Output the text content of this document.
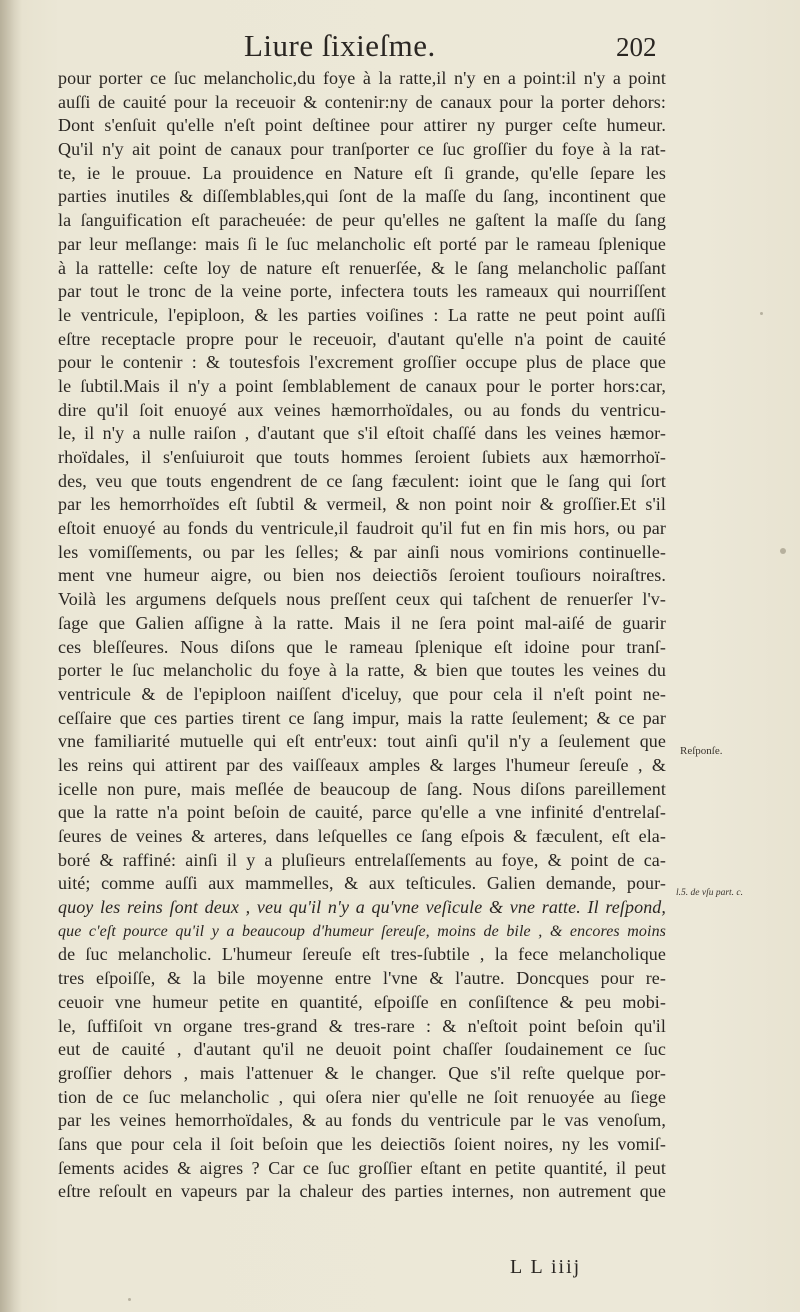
Liure ſixieſme.	202
pour porter ce ſuc melancholic,du foye à la ratte,il n'y en a point:il n'y a point
auſſi de cauité pour la receuoir & contenir:ny de canaux pour la porter dehors:
Dont s'enſuit qu'elle n'eſt point deſtinee pour attirer ny purger ceſte humeur.
Qu'il n'y ait point de canaux pour tranſporter ce ſuc groſſier du foye à la rat-
te, ie le prouue. La prouidence en Nature eſt ſi grande, qu'elle ſepare les
parties inutiles & diſſemblables,qui ſont de la maſſe du ſang, incontinent que
la ſanguification eſt paracheuée: de peur qu'elles ne gaſtent la maſſe du ſang
par leur meſlange: mais ſi le ſuc melancholic eſt porté par le rameau ſplenique
à la rattelle: ceſte loy de nature eſt renuerſée, & le ſang melancholic paſſant
par tout le tronc de la veine porte, infectera touts les rameaux qui nourriſſent
le ventricule, l'epiploon, & les parties voiſines : La ratte ne peut point auſſi
eſtre receptacle propre pour le receuoir, d'autant qu'elle n'a point de cauité
pour le contenir : & toutesfois l'excrement groſſier occupe plus de place que
le ſubtil.Mais il n'y a point ſemblablement de canaux pour le porter hors:car,
dire qu'il ſoit enuoyé aux veines hæmorrhoïdales, ou au fonds du ventricu-
le, il n'y a nulle raiſon , d'autant que s'il eſtoit chaſſé dans les veines hæmor-
rhoïdales, il s'enſuiuroit que touts hommes ſeroient ſubiets aux hæmorrhoï-
des, veu que touts engendrent de ce ſang fæculent: ioint que le ſang qui ſort
par les hemorrhoïdes eſt ſubtil & vermeil, & non point noir & groſſier.Et s'il
eſtoit enuoyé au fonds du ventricule,il faudroit qu'il fut en fin mis hors, ou par
les vomiſſements, ou par les ſelles; & par ainſi nous vomirions continuelle-
ment vne humeur aigre, ou bien nos deiectiõs ſeroient touſiours noiraſtres.
Voilà les argumens deſquels nous preſſent ceux qui taſchent de renuerſer l'v-
ſage que Galien aſſigne à la ratte. Mais il ne ſera point mal-aiſé de guarir
ces bleſſeures. Nous diſons que le rameau ſplenique eſt idoine pour tranſ-
porter le ſuc melancholic du foye à la ratte, & bien que toutes les veines du
ventricule & de l'epiploon naiſſent d'iceluy, que pour cela il n'eſt point ne-
ceſſaire que ces parties tirent ce ſang impur, mais la ratte ſeulement; & ce par
vne familiarité mutuelle qui eſt entr'eux: tout ainſi qu'il n'y a ſeulement que
les reins qui attirent par des vaiſſeaux amples & larges l'humeur ſereuſe , &
icelle non pure, mais meſlée de beaucoup de ſang. Nous diſons pareillement
que la ratte n'a point beſoin de cauité, parce qu'elle a vne infinité d'entrelaſ-
ſeures de veines & arteres, dans leſquelles ce ſang eſpois & fæculent, eſt ela-
boré & raffiné: ainſi il y a pluſieurs entrelaſſements au foye, & point de ca-
uité; comme auſſi aux mammelles, & aux teſticules. Galien demande, pour-
quoy les reins ſont deux , veu qu'il n'y a qu'vne veſicule & vne ratte. Il reſpond,
que c'eſt pource qu'il y a beaucoup d'humeur ſereuſe, moins de bile , & encores moins
de ſuc melancholic. L'humeur ſereuſe eſt tres-ſubtile , la fece melancholique
tres eſpoiſſe, & la bile moyenne entre l'vne & l'autre. Doncques pour re-
ceuoir vne humeur petite en quantité, eſpoiſſe en conſiſtence & peu mobi-
le, ſuffiſoit vn organe tres-grand & tres-rare : & n'eſtoit point beſoin qu'il
eut de cauité , d'autant qu'il ne deuoit point chaſſer ſoudainement ce ſuc
groſſier dehors , mais l'attenuer & le changer. Que s'il reſte quelque por-
tion de ce ſuc melancholic , qui oſera nier qu'elle ne ſoit renuoyée au ſiege
par les veines hemorrhoïdales, & au fonds du ventricule par le vas venoſum,
ſans que pour cela il ſoit beſoin que les deiectiõs ſoient noires, ny les vomiſ-
ſements acides & aigres ? Car ce ſuc groſſier eſtant en petite quantité, il peut
eſtre reſoult en vapeurs par la chaleur des parties internes, non autrement que
Reſponſe.
l.5. de vſu part. c.
L L iiij
